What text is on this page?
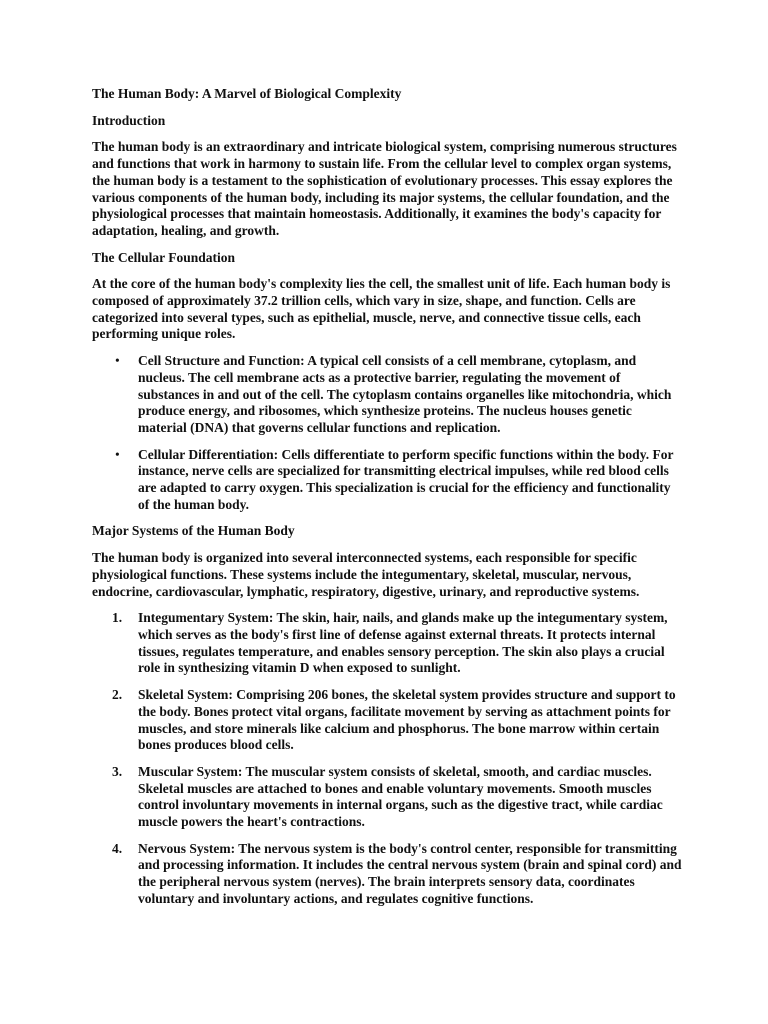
The Human Body: A Marvel of Biological Complexity

Introduction

The human body is an extraordinary and intricate biological system, comprising numerous structures and functions that work in harmony to sustain life. From the cellular level to complex organ systems, the human body is a testament to the sophistication of evolutionary processes. This essay explores the various components of the human body, including its major systems, the cellular foundation, and the physiological processes that maintain homeostasis. Additionally, it examines the body's capacity for adaptation, healing, and growth.

The Cellular Foundation

At the core of the human body's complexity lies the cell, the smallest unit of life. Each human body is composed of approximately 37.2 trillion cells, which vary in size, shape, and function. Cells are categorized into several types, such as epithelial, muscle, nerve, and connective tissue cells, each performing unique roles.

• Cell Structure and Function: A typical cell consists of a cell membrane, cytoplasm, and nucleus. The cell membrane acts as a protective barrier, regulating the movement of substances in and out of the cell. The cytoplasm contains organelles like mitochondria, which produce energy, and ribosomes, which synthesize proteins. The nucleus houses genetic material (DNA) that governs cellular functions and replication.
• Cellular Differentiation: Cells differentiate to perform specific functions within the body. For instance, nerve cells are specialized for transmitting electrical impulses, while red blood cells are adapted to carry oxygen. This specialization is crucial for the efficiency and functionality of the human body.

Major Systems of the Human Body

The human body is organized into several interconnected systems, each responsible for specific physiological functions. These systems include the integumentary, skeletal, muscular, nervous, endocrine, cardiovascular, lymphatic, respiratory, digestive, urinary, and reproductive systems.

1. Integumentary System: The skin, hair, nails, and glands make up the integumentary system, which serves as the body's first line of defense against external threats. It protects internal tissues, regulates temperature, and enables sensory perception. The skin also plays a crucial role in synthesizing vitamin D when exposed to sunlight.
2. Skeletal System: Comprising 206 bones, the skeletal system provides structure and support to the body. Bones protect vital organs, facilitate movement by serving as attachment points for muscles, and store minerals like calcium and phosphorus. The bone marrow within certain bones produces blood cells.
3. Muscular System: The muscular system consists of skeletal, smooth, and cardiac muscles. Skeletal muscles are attached to bones and enable voluntary movements. Smooth muscles control involuntary movements in internal organs, such as the digestive tract, while cardiac muscle powers the heart's contractions.
4. Nervous System: The nervous system is the body's control center, responsible for transmitting and processing information. It includes the central nervous system (brain and spinal cord) and the peripheral nervous system (nerves). The brain interprets sensory data, coordinates voluntary and involuntary actions, and regulates cognitive functions.
